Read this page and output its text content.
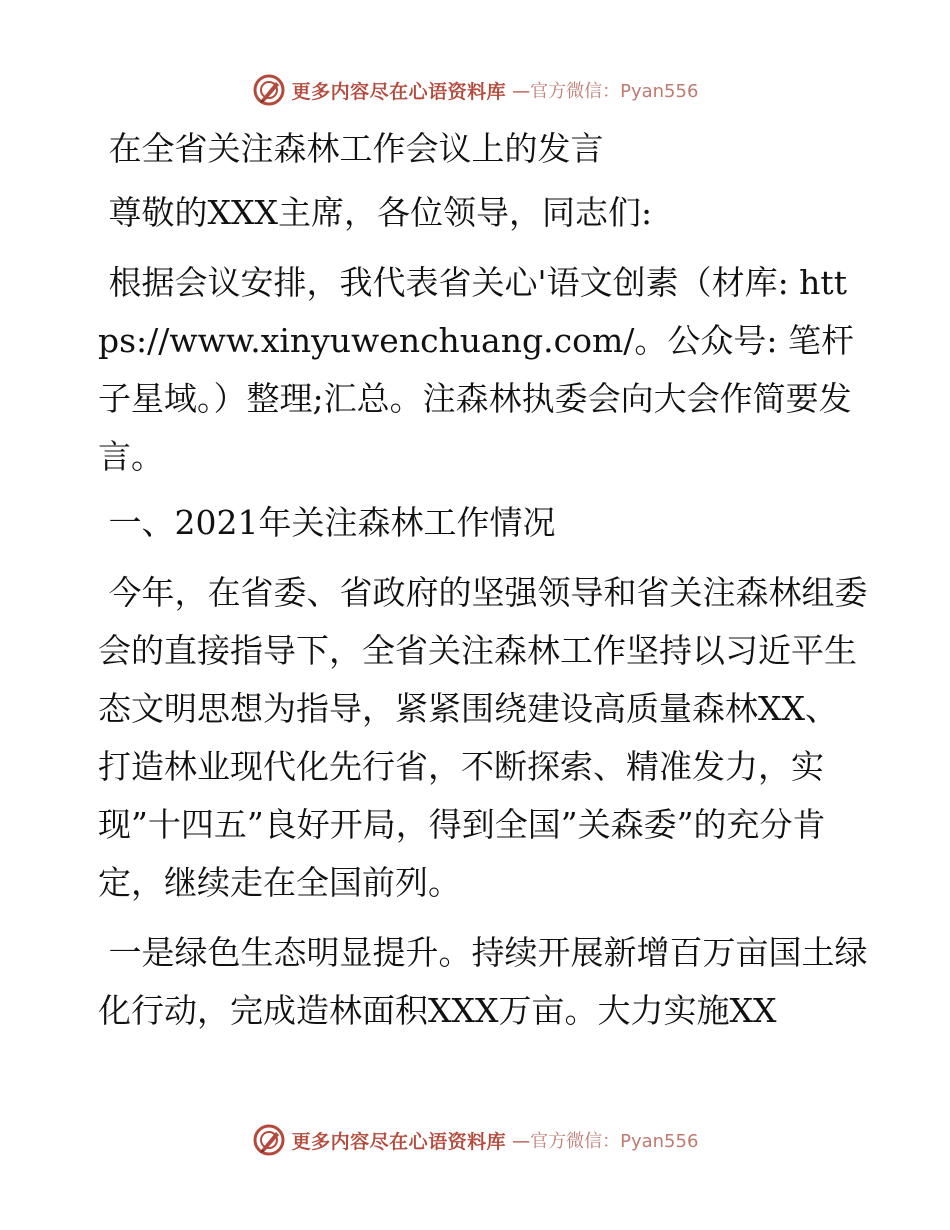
更多内容尽在心语资料库 —官方微信：Pyan556

在全省关注森林工作会议上的发言

尊敬的XXX主席，各位领导，同志们:

根据会议安排，我代表省关心'语文创素（材库: https://www.xinyuwenchuang.com/。公众号: 笔杆子星域。）整理;汇总。注森林执委会向大会作简要发言。

一、2021年关注森林工作情况

今年，在省委、省政府的坚强领导和省关注森林组委会的直接指导下，全省关注森林工作坚持以习近平生态文明思想为指导，紧紧围绕建设高质量森林XX、打造林业现代化先行省，不断探索、精准发力，实现”十四五”良好开局，得到全国”关森委”的充分肯定，继续走在全国前列。

一是绿色生态明显提升。持续开展新增百万亩国土绿化行动，完成造林面积XXX万亩。大力实施XX

更多内容尽在心语资料库 —官方微信：Pyan556
